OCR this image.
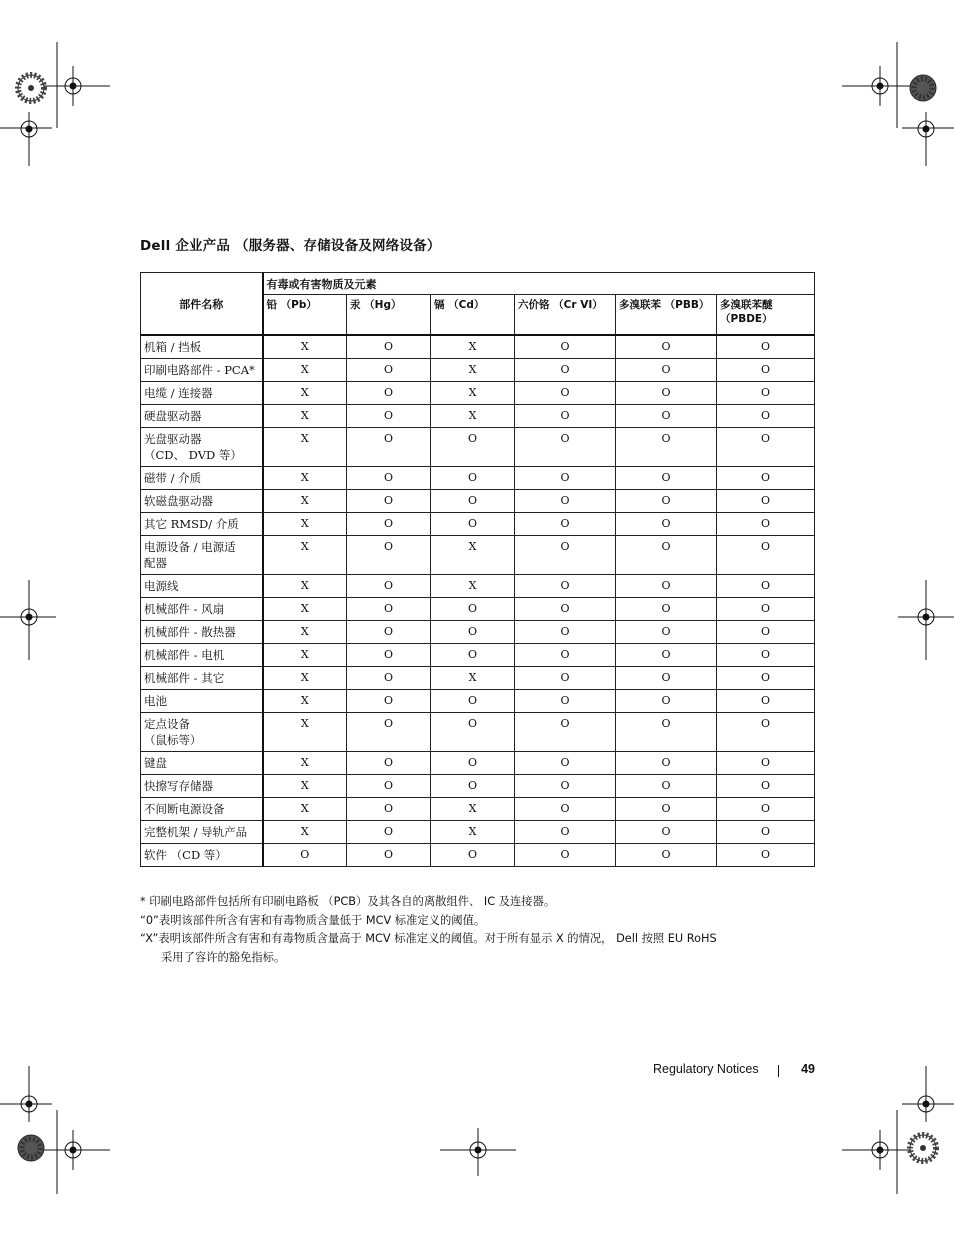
Dell 企业产品 （服务器、存储设备及网络设备）
部件名称	有毒或有害物质及元素					
	铅 （Pb）	汞 （Hg）	镉 （Cd）	六价铬 （Cr VI）	多溴联苯 （PBB）	多溴联苯醚
（PBDE）
机箱 / 挡板	X	O	X	O	O	O
印刷电路部件 - PCA*	X	O	X	O	O	O
电缆 / 连接器	X	O	X	O	O	O
硬盘驱动器	X	O	X	O	O	O
光盘驱动器
（CD、 DVD 等）	X	O	O	O	O	O
磁带 / 介质	X	O	O	O	O	O
软磁盘驱动器	X	O	O	O	O	O
其它 RMSD/ 介质	X	O	O	O	O	O
电源设备 / 电源适
配器	X	O	X	O	O	O
电源线	X	O	X	O	O	O
机械部件 - 风扇	X	O	O	O	O	O
机械部件 - 散热器	X	O	O	O	O	O
机械部件 - 电机	X	O	O	O	O	O
机械部件 - 其它	X	O	X	O	O	O
电池	X	O	O	O	O	O
定点设备
（鼠标等）	X	O	O	O	O	O
键盘	X	O	O	O	O	O
快擦写存储器	X	O	O	O	O	O
不间断电源设备	X	O	X	O	O	O
完整机架 / 导轨产品	X	O	X	O	O	O
软件 （CD 等）	O	O	O	O	O	O
* 印刷电路部件包括所有印刷电路板 （PCB）及其各自的离散组件、 IC 及连接器。
“0”表明该部件所含有害和有毒物质含量低于 MCV 标准定义的阈值。
“X”表明该部件所含有害和有毒物质含量高于 MCV 标准定义的阈值。对于所有显示 X 的情况， Dell 按照 EU RoHS
采用了容许的豁免指标。
Regulatory Notices	49
